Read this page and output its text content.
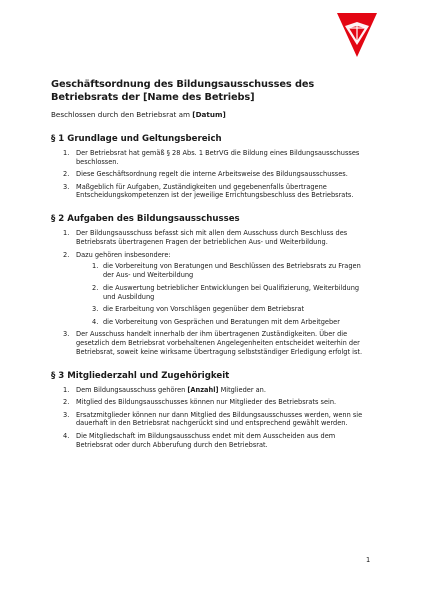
Geschäftsordnung des Bildungsausschusses des Betriebsrats der [Name des Betriebs]

Beschlossen durch den Betriebsrat am [Datum]

§ 1 Grundlage und Geltungsbereich
1. Der Betriebsrat hat gemäß § 28 Abs. 1 BetrVG die Bildung eines Bildungsausschusses beschlossen.
2. Diese Geschäftsordnung regelt die interne Arbeitsweise des Bildungsausschusses.
3. Maßgeblich für Aufgaben, Zuständigkeiten und gegebenenfalls übertragene Entscheidungskompetenzen ist der jeweilige Errichtungsbeschluss des Betriebsrats.
§ 2 Aufgaben des Bildungsausschusses
1. Der Bildungsausschuss befasst sich mit allen dem Ausschuss durch Beschluss des Betriebsrats übertragenen Fragen der betrieblichen Aus- und Weiterbildung.
2. Dazu gehören insbesondere:
1. die Vorbereitung von Beratungen und Beschlüssen des Betriebsrats zu Fragen der Aus- und Weiterbildung
2. die Auswertung betrieblicher Entwicklungen bei Qualifizierung, Weiterbildung und Ausbildung
3. die Erarbeitung von Vorschlägen gegenüber dem Betriebsrat
4. die Vorbereitung von Gesprächen und Beratungen mit dem Arbeitgeber
3. Der Ausschuss handelt innerhalb der ihm übertragenen Zuständigkeiten. Über die gesetzlich dem Betriebsrat vorbehaltenen Angelegenheiten entscheidet weiterhin der Betriebsrat, soweit keine wirksame Übertragung selbstständiger Erledigung erfolgt ist.
§ 3 Mitgliederzahl und Zugehörigkeit
1. Dem Bildungsausschuss gehören [Anzahl] Mitglieder an.
2. Mitglied des Bildungsausschusses können nur Mitglieder des Betriebsrats sein.
3. Ersatzmitglieder können nur dann Mitglied des Bildungsausschusses werden, wenn sie dauerhaft in den Betriebsrat nachgerückt sind und entsprechend gewählt werden.
4. Die Mitgliedschaft im Bildungsausschuss endet mit dem Ausscheiden aus dem Betriebsrat oder durch Abberufung durch den Betriebsrat.
1
